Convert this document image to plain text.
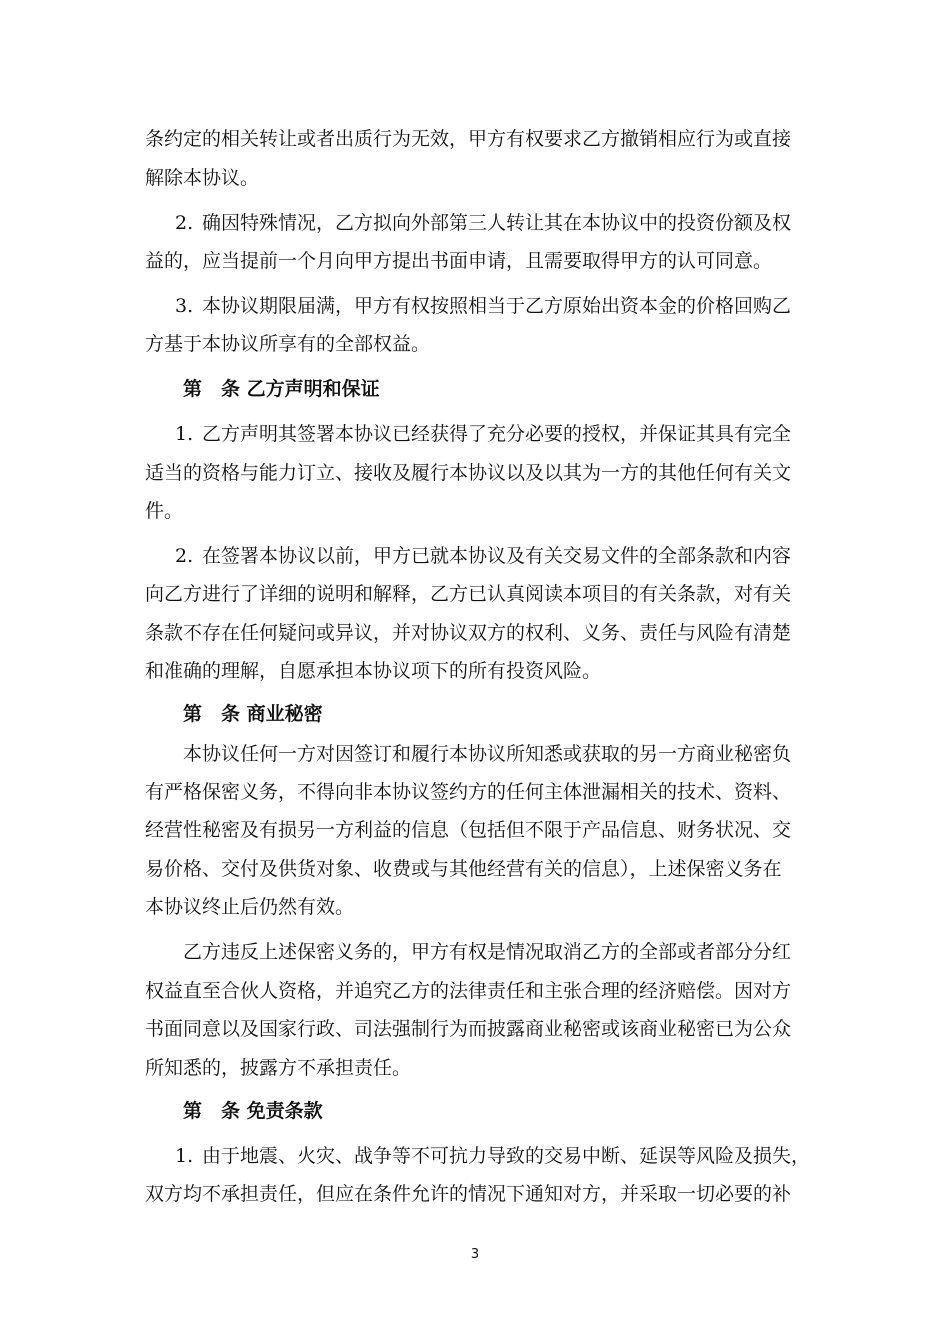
条约定的相关转让或者出质行为无效，甲方有权要求乙方撤销相应行为或直接
解除本协议。
2. 确因特殊情况，乙方拟向外部第三人转让其在本协议中的投资份额及权
益的，应当提前一个月向甲方提出书面申请，且需要取得甲方的认可同意。
3. 本协议期限届满，甲方有权按照相当于乙方原始出资本金的价格回购乙
方基于本协议所享有的全部权益。
第 条 乙方声明和保证
1. 乙方声明其签署本协议已经获得了充分必要的授权，并保证其具有完全
适当的资格与能力订立、接收及履行本协议以及以其为一方的其他任何有关文
件。
2. 在签署本协议以前，甲方已就本协议及有关交易文件的全部条款和内容
向乙方进行了详细的说明和解释，乙方已认真阅读本项目的有关条款，对有关
条款不存在任何疑问或异议，并对协议双方的权利、义务、责任与风险有清楚
和准确的理解，自愿承担本协议项下的所有投资风险。
第 条 商业秘密
本协议任何一方对因签订和履行本协议所知悉或获取的另一方商业秘密负
有严格保密义务，不得向非本协议签约方的任何主体泄漏相关的技术、资料、
经营性秘密及有损另一方利益的信息（包括但不限于产品信息、财务状况、交
易价格、交付及供货对象、收费或与其他经营有关的信息），上述保密义务在
本协议终止后仍然有效。
乙方违反上述保密义务的，甲方有权是情况取消乙方的全部或者部分分红
权益直至合伙人资格，并追究乙方的法律责任和主张合理的经济赔偿。因对方
书面同意以及国家行政、司法强制行为而披露商业秘密或该商业秘密已为公众
所知悉的，披露方不承担责任。
第 条 免责条款
1. 由于地震、火灾、战争等不可抗力导致的交易中断、延误等风险及损失，
双方均不承担责任，但应在条件允许的情况下通知对方，并采取一切必要的补
3
